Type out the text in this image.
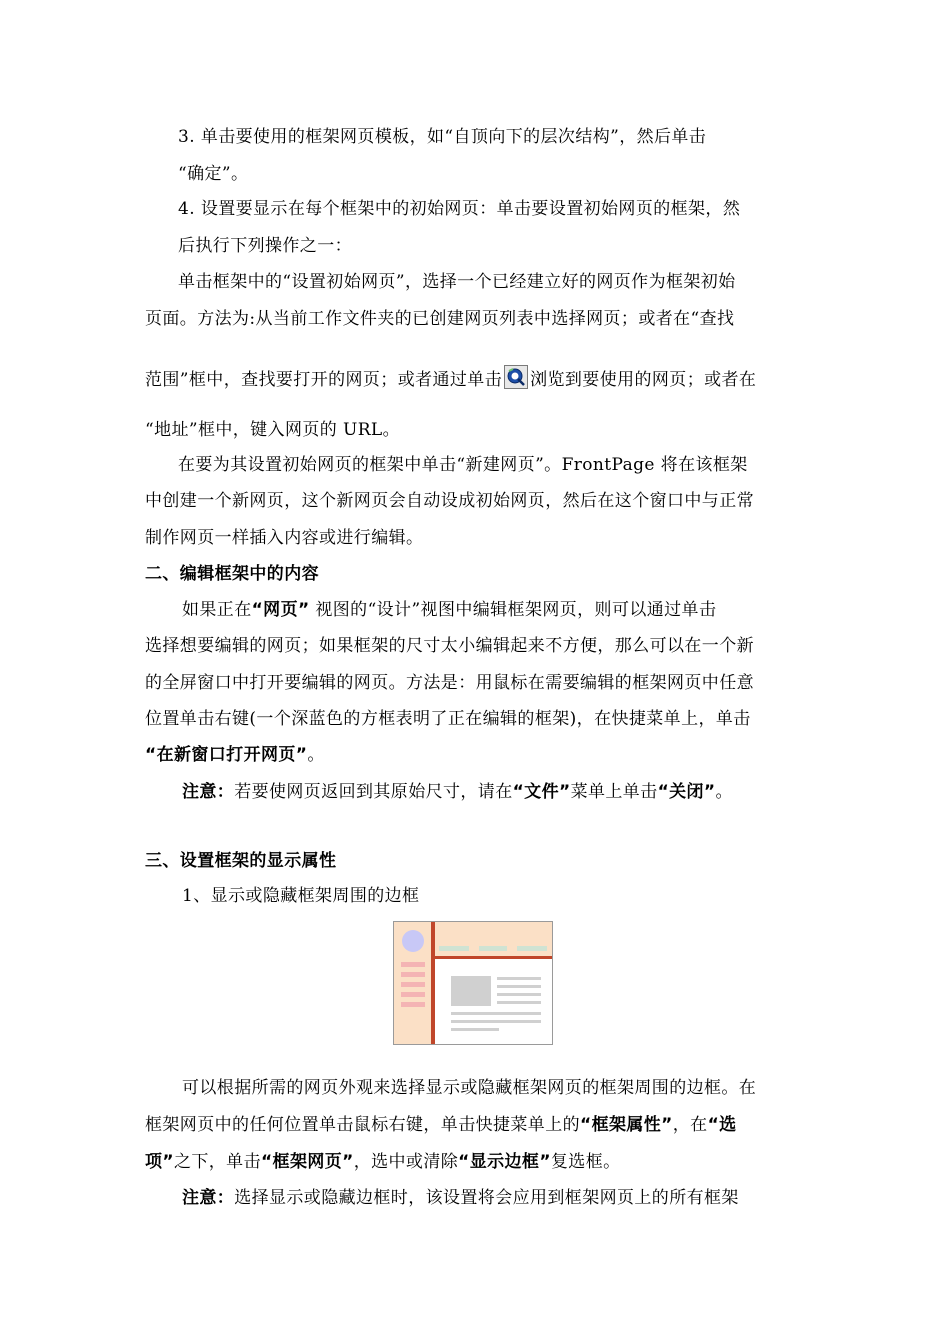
3. 单击要使用的框架网页模板，如“自顶向下的层次结构”，然后单击
“确定”。
4. 设置要显示在每个框架中的初始网页：单击要设置初始网页的框架，然
后执行下列操作之一：
单击框架中的“设置初始网页”，选择一个已经建立好的网页作为框架初始
页面。方法为:从当前工作文件夹的已创建网页列表中选择网页；或者在“查找
范围”框中，查找要打开的网页；或者通过单击 浏览到要使用的网页；或者在
“地址”框中，键入网页的 URL。
在要为其设置初始网页的框架中单击“新建网页”。FrontPage 将在该框架
中创建一个新网页，这个新网页会自动设成初始网页，然后在这个窗口中与正常
制作网页一样插入内容或进行编辑。
二、编辑框架中的内容
如果正在“网页” 视图的“设计”视图中编辑框架网页，则可以通过单击
选择想要编辑的网页；如果框架的尺寸太小编辑起来不方便，那么可以在一个新
的全屏窗口中打开要编辑的网页。方法是：用鼠标在需要编辑的框架网页中任意
位置单击右键(一个深蓝色的方框表明了正在编辑的框架)，在快捷菜单上，单击
“在新窗口打开网页”。
注意：若要使网页返回到其原始尺寸，请在“文件”菜单上单击“关闭”。
三、设置框架的显示属性
1、显示或隐藏框架周围的边框
可以根据所需的网页外观来选择显示或隐藏框架网页的框架周围的边框。在
框架网页中的任何位置单击鼠标右键，单击快捷菜单上的“框架属性”，在“选
项”之下，单击“框架网页”，选中或清除“显示边框”复选框。
注意：选择显示或隐藏边框时，该设置将会应用到框架网页上的所有框架
